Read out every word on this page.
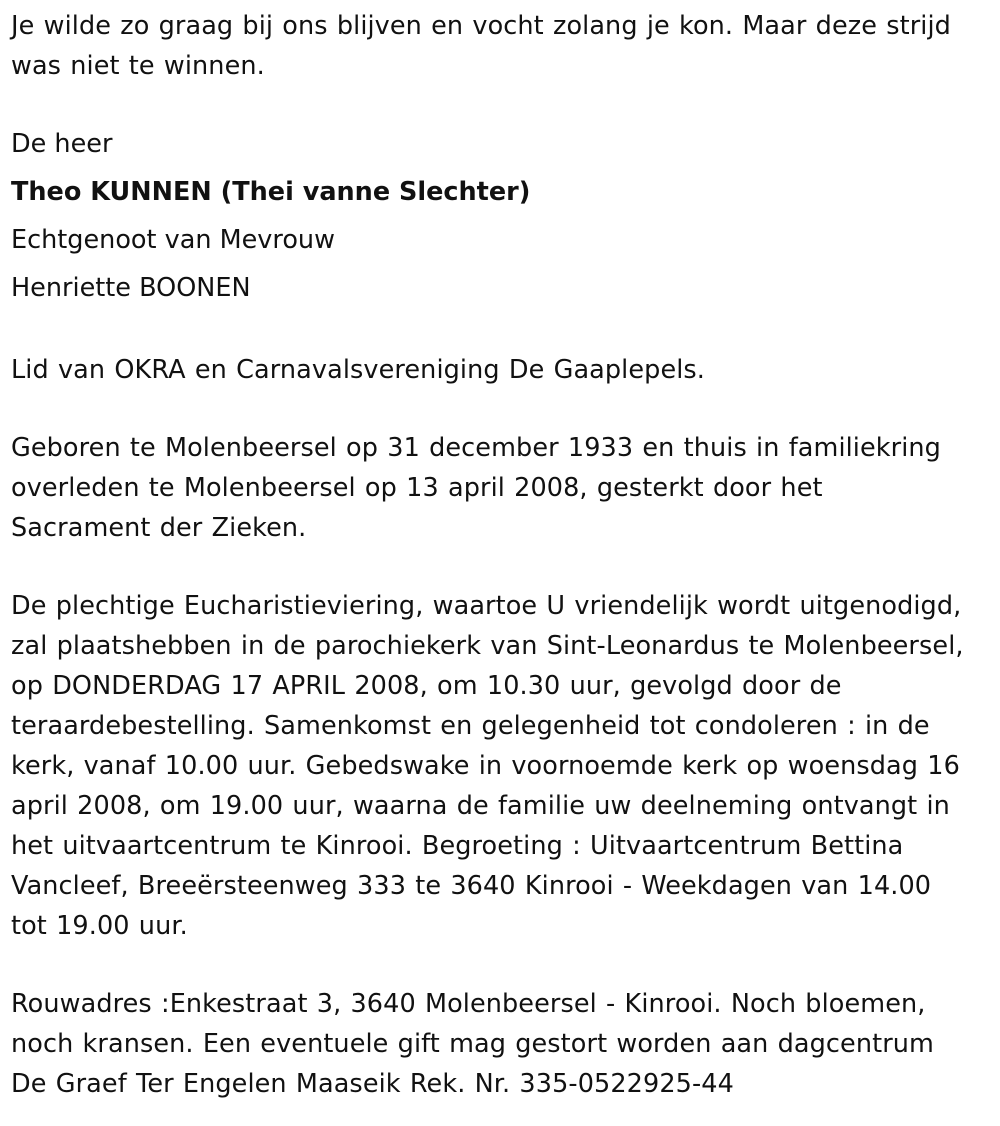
Je wilde zo graag bij ons blijven en vocht zolang je kon. Maar deze strijd
was niet te winnen.

De heer
Theo KUNNEN (Thei vanne Slechter)
Echtgenoot van Mevrouw
Henriette BOONEN

Lid van OKRA en Carnavalsvereniging De Gaaplepels.

Geboren te Molenbeersel op 31 december 1933 en thuis in familiekring
overleden te Molenbeersel op 13 april 2008, gesterkt door het
Sacrament der Zieken.

De plechtige Eucharistieviering, waartoe U vriendelijk wordt uitgenodigd,
zal plaatshebben in de parochiekerk van Sint-Leonardus te Molenbeersel,
op DONDERDAG 17 APRIL 2008, om 10.30 uur, gevolgd door de
teraardebestelling. Samenkomst en gelegenheid tot condoleren : in de
kerk, vanaf 10.00 uur. Gebedswake in voornoemde kerk op woensdag 16
april 2008, om 19.00 uur, waarna de familie uw deelneming ontvangt in
het uitvaartcentrum te Kinrooi. Begroeting : Uitvaartcentrum Bettina
Vancleef, Breeërsteenweg 333 te 3640 Kinrooi - Weekdagen van 14.00
tot 19.00 uur.

Rouwadres :Enkestraat 3, 3640 Molenbeersel - Kinrooi. Noch bloemen,
noch kransen. Een eventuele gift mag gestort worden aan dagcentrum
De Graef Ter Engelen Maaseik Rek. Nr. 335-0522925-44
